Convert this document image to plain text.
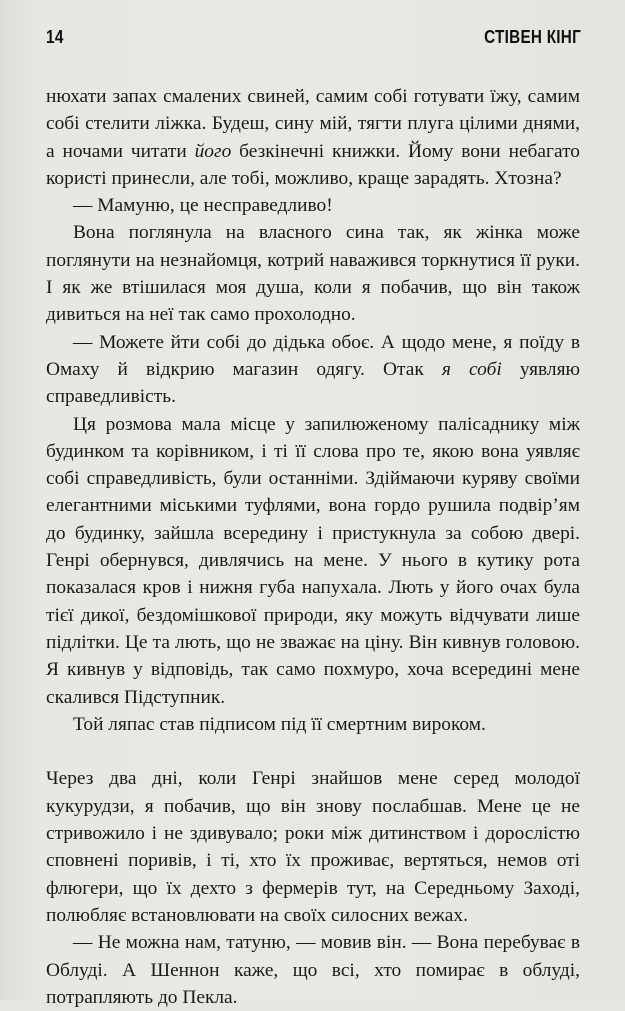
14	СТІВЕН КІНГ

нюхати запах смалених свиней, самим собі готувати їжу, самим собі стелити ліжка. Будеш, сину мій, тягти плуга цілими днями, а ночами читати його безкінечні книжки. Йому вони небагато користі принесли, але тобі, можливо, краще зарадять. Хтозна?

— Мамуню, це несправедливо!

Вона поглянула на власного сина так, як жінка може поглянути на незнайомця, котрий наважився торкнутися її руки. І як же втішилася моя душа, коли я побачив, що він також дивиться на неї так само прохолодно.

— Можете йти собі до дідька обоє. А щодо мене, я поїду в Омаху й відкрию магазин одягу. Отак я собі уявляю справедливість.

Ця розмова мала місце у запилюженому палісаднику між будинком та корівником, і ті її слова про те, якою вона уявляє собі справедливість, були останніми. Здіймаючи куряву своїми елегантними міськими туфлями, вона гордо рушила подвір’ям до будинку, зайшла всередину і пристукнула за собою двері. Генрі обернувся, дивлячись на мене. У нього в кутику рота показалася кров і нижня губа напухала. Лють у його очах була тієї дикої, бездомішкової природи, яку можуть відчувати лише підлітки. Це та лють, що не зважає на ціну. Він кивнув головою. Я кивнув у відповідь, так само похмуро, хоча всередині мене скалився Підступник.

Той ляпас став підписом під її смертним вироком.

Через два дні, коли Генрі знайшов мене серед молодої кукурудзи, я побачив, що він знову послабшав. Мене це не стривожило і не здивувало; роки між дитинством і дорослістю сповнені поривів, і ті, хто їх проживає, вертяться, немов оті флюгери, що їх дехто з фермерів тут, на Середньому Заході, полюбляє встановлювати на своїх силосних вежах.

— Не можна нам, татуню, — мовив він. — Вона перебуває в Облуді. А Шеннон каже, що всі, хто помирає в облуді, потрапляють до Пекла.
